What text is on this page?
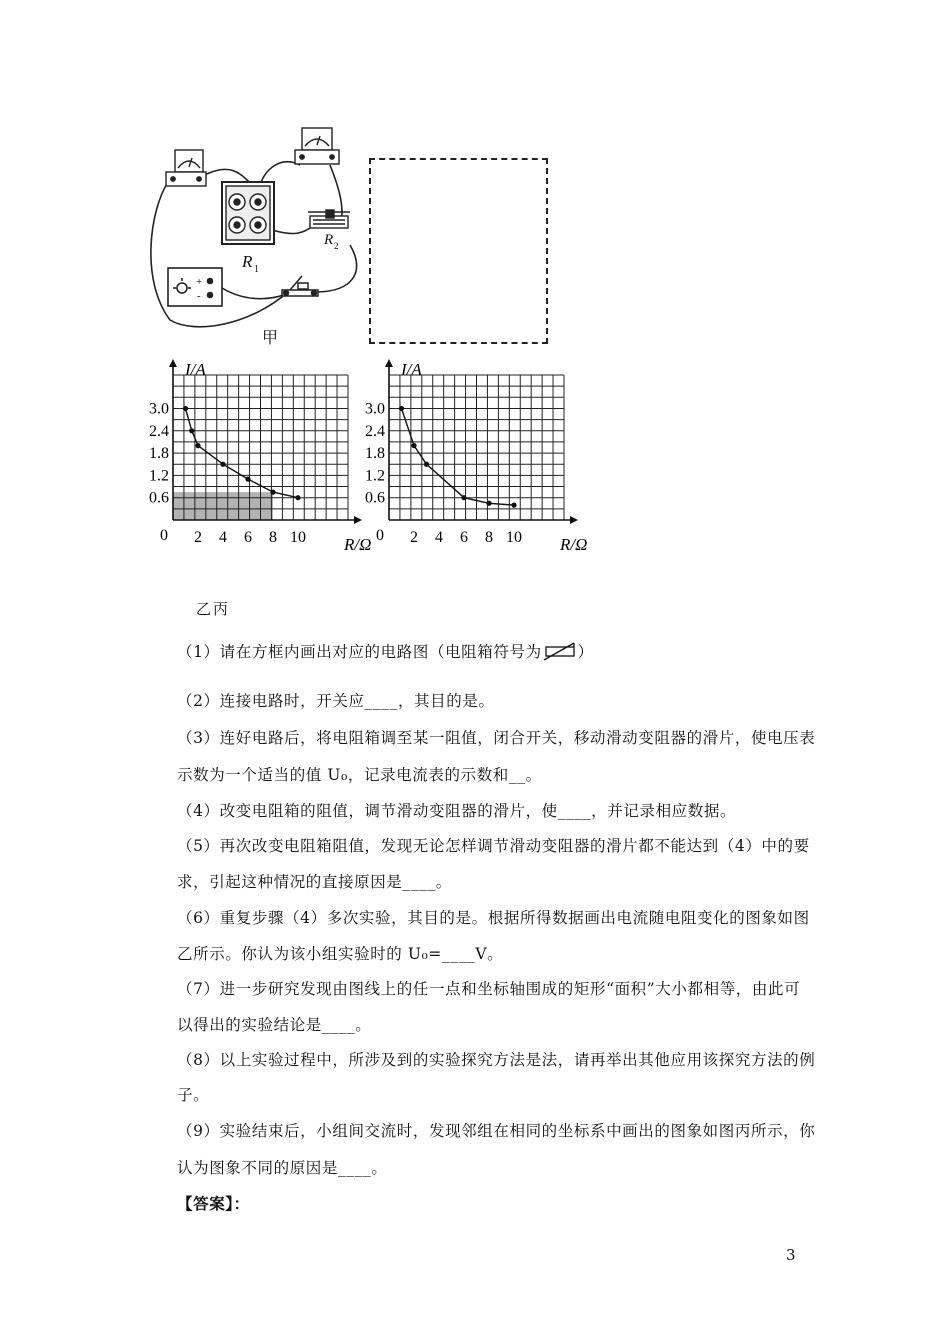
R 1
R 2
+
-
甲
I/A
R/Ω
0 2 4 6 8 10
0.6
1.2
1.8
2.4
3.0
I/A
R/Ω
0 2 4 6 8 10
0.6
1.2
1.8
2.4
3.0
乙丙
（1）请在方框内画出对应的电路图（电阻箱符号为 ）
（2）连接电路时，开关应____，其目的是。
（3）连好电路后，将电阻箱调至某一阻值，闭合开关，移动滑动变阻器的滑片，使电压表
示数为一个适当的值 U₀，记录电流表的示数和__。
（4）改变电阻箱的阻值，调节滑动变阻器的滑片，使____，并记录相应数据。
（5）再次改变电阻箱阻值，发现无论怎样调节滑动变阻器的滑片都不能达到（4）中的要
求，引起这种情况的直接原因是____。
（6）重复步骤（4）多次实验，其目的是。根据所得数据画出电流随电阻变化的图象如图
乙所示。你认为该小组实验时的 U₀=____V。
（7）进一步研究发现由图线上的任一点和坐标轴围成的矩形“面积”大小都相等，由此可
以得出的实验结论是____。
（8）以上实验过程中，所涉及到的实验探究方法是法，请再举出其他应用该探究方法的例
子。
（9）实验结束后，小组间交流时，发现邻组在相同的坐标系中画出的图象如图丙所示，你
认为图象不同的原因是____。
【答案】：
3
